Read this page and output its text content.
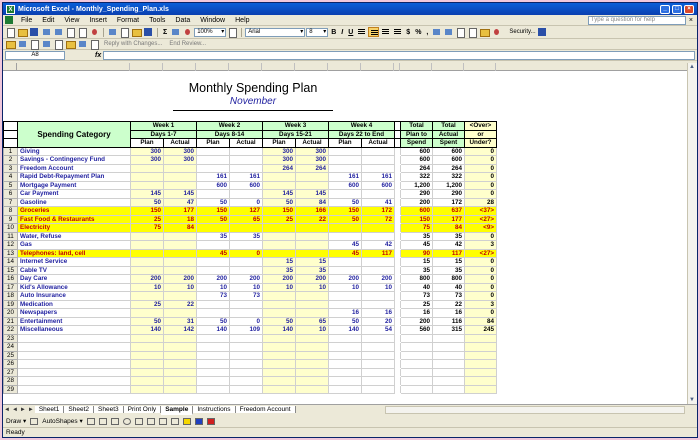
X Microsoft Excel - Monthly_Spending_Plan.xls	_	□	×
File	Edit	View	Insert	Format	Tools	Data	Window	Help	Type a question for help	×
Σ	100% ▾	Arial ▾	8 ▾	B I U	$ % ,	Security...
Reply with Changes... End Review...
A8	fx
Monthly Spending Plan
November
	Spending Category	Week 1		Week 2		Week 3		Week 4			Total	Total	<Over>
		Days 1-7		Days 8-14		Days 15-21		Days 22 to End			Plan to	Actual	or
		Plan	Actual	Plan	Actual	Plan	Actual	Plan	Actual		Spend	Spent	Under?
1	Giving	300	300			300	300				600	600	0
2	Savings - Contingency Fund	300	300			300	300				600	600	0
3	Freedom Account					264	264				264	264	0
4	Rapid Debt-Repayment Plan			161	161			161	161		322	322	0
5	Mortgage Payment			600	600			600	600		1,200	1,200	0
6	Car Payment	145	145			145	145				290	290	0
7	Gasoline	50	47	50	0	50	84	50	41		200	172	28
8	Groceries	150	177	150	127	150	166	150	172		600	637	<37>
9	Fast Food & Restaurants	25	18	50	65	25	22	50	72		150	177	<27>
10	Electricity	75	84								75	84	<9>
11	Water, Refuse			35	35						35	35	0
12	Gas							45	42		45	42	3
13	Telephones: land, cell			45	0			45	117		90	117	<27>
14	Internet Service					15	15				15	15	0
15	Cable TV					35	35				35	35	0
16	Day Care	200	200	200	200	200	200	200	200		800	800	0
17	Kid's Allowance	10	10	10	10	10	10	10	10		40	40	0
18	Auto Insurance			73	73						73	73	0
19	Medication	25	22								25	22	3
20	Newspapers							16	16		16	16	0
21	Entertainment	50	31	50	0	50	65	50	20		200	116	84
22	Miscellaneous	140	142	140	109	140	10	140	54		560	315	245
23													
24													
25													
26													
27													
28													
29													
▲ ▼
◄ ◄ ► ► Sheet1 Sheet2 Sheet3 Print Only Sample Instructions Freedom Account
Draw ▾ AutoShapes ▾
Ready
